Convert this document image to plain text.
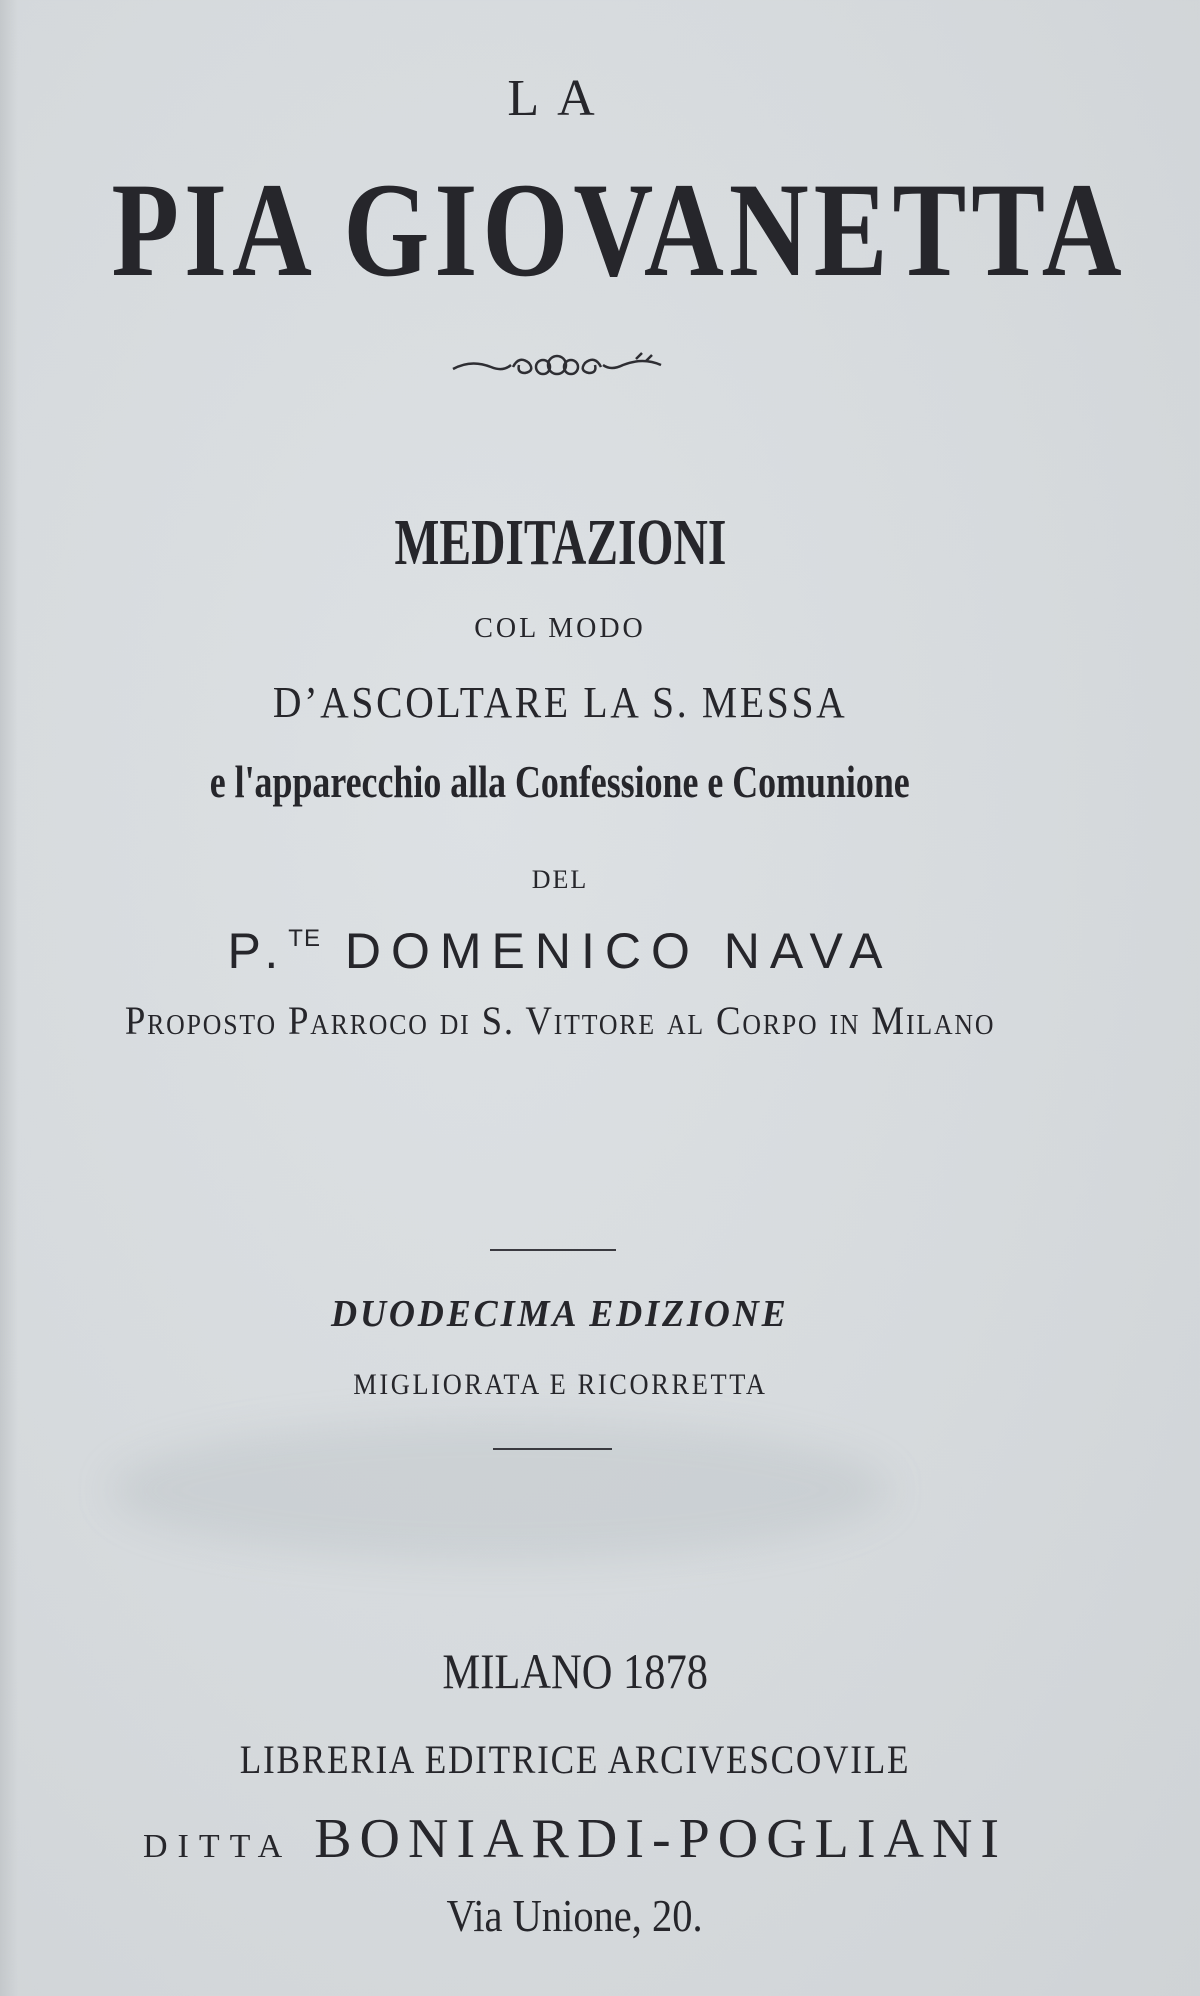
LA
PIA GIOVANETTA
MEDITAZIONI
COL MODO
D’ASCOLTARE LA S. MESSA
e l'apparecchio alla Confessione e Comunione
DEL
P.$^{TE}$ DOMENICO NAVA
Proposto Parroco di S. Vittore al Corpo in Milano
DUODECIMA EDIZIONE
MIGLIORATA E RICORRETTA
MILANO 1878
LIBRERIA EDITRICE ARCIVESCOVILE
DITTA BONIARDI-POGLIANI
Via Unione, 20.
